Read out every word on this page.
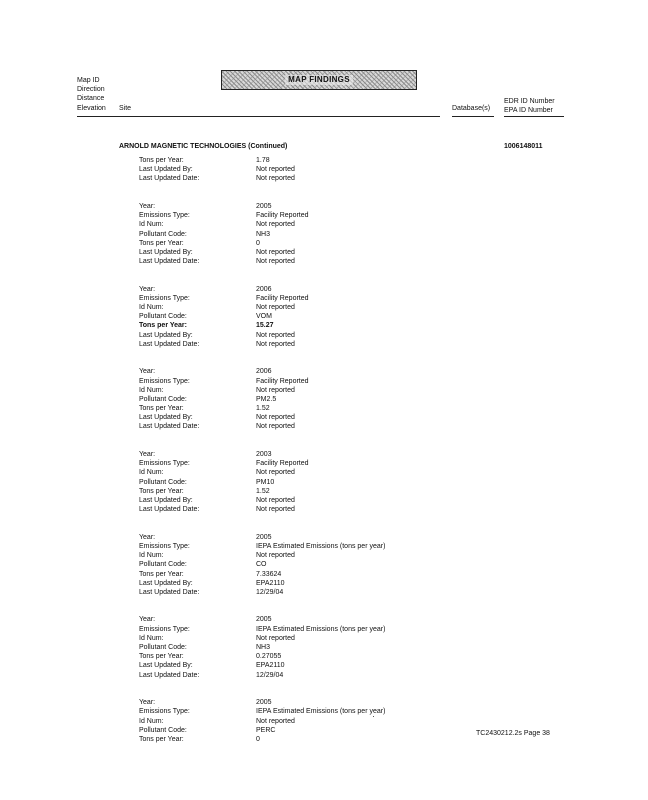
Map ID
Direction
Distance
Elevation Site
MAP FINDINGS
Database(s)
EDR ID Number
EPA ID Number
ARNOLD MAGNETIC TECHNOLOGIES (Continued)	1006148011
Tons per Year:	1.78
Last Updated By:	Not reported
Last Updated Date:	Not reported
Year:	2005
Emissions Type:	Facility Reported
Id Num:	Not reported
Pollutant Code:	NH3
Tons per Year:	0
Last Updated By:	Not reported
Last Updated Date:	Not reported
Year:	2006
Emissions Type:	Facility Reported
Id Num:	Not reported
Pollutant Code:	VOM
Tons per Year:	15.27
Last Updated By:	Not reported
Last Updated Date:	Not reported
Year:	2006
Emissions Type:	Facility Reported
Id Num:	Not reported
Pollutant Code:	PM2.5
Tons per Year:	1.52
Last Updated By:	Not reported
Last Updated Date:	Not reported
Year:	2003
Emissions Type:	Facility Reported
Id Num:	Not reported
Pollutant Code:	PM10
Tons per Year:	1.52
Last Updated By:	Not reported
Last Updated Date:	Not reported
Year:	2005
Emissions Type:	IEPA Estimated Emissions (tons per year)
Id Num:	Not reported
Pollutant Code:	CO
Tons per Year:	7.33624
Last Updated By:	EPA2110
Last Updated Date:	12/29/04
Year:	2005
Emissions Type:	IEPA Estimated Emissions (tons per year)
Id Num:	Not reported
Pollutant Code:	NH3
Tons per Year:	0.27055
Last Updated By:	EPA2110
Last Updated Date:	12/29/04
Year:	2005
Emissions Type:	IEPA Estimated Emissions (tons per year)
Id Num:	Not reported
Pollutant Code:	PERC
Tons per Year:	0
TC2430212.2s Page 38
